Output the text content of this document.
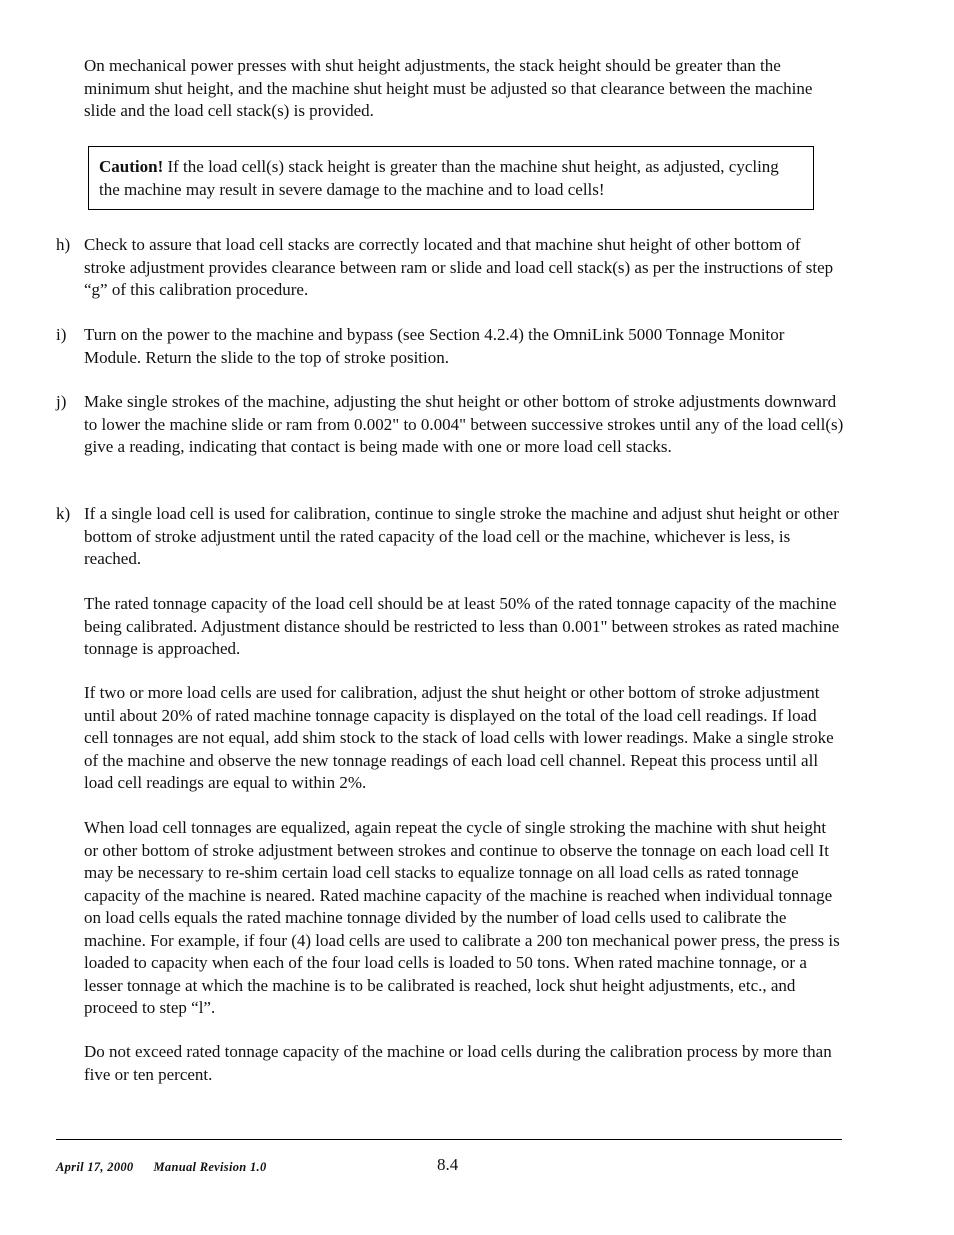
On mechanical power presses with shut height adjustments, the stack height should be greater than the minimum shut height, and the machine shut height must be adjusted so that clearance between the machine slide and the load cell stack(s) is provided.

Caution! If the load cell(s) stack height is greater than the machine shut height, as adjusted, cycling the machine may result in severe damage to the machine and to load cells!
h) Check to assure that load cell stacks are correctly located and that machine shut height of other bottom of stroke adjustment provides clearance between ram or slide and load cell stack(s) as per the instructions of step “g” of this calibration procedure.

i) Turn on the power to the machine and bypass (see Section 4.2.4) the OmniLink 5000 Tonnage Monitor Module. Return the slide to the top of stroke position.

j) Make single strokes of the machine, adjusting the shut height or other bottom of stroke adjustments downward to lower the machine slide or ram from 0.002" to 0.004" between successive strokes until any of the load cell(s) give a reading, indicating that contact is being made with one or more load cell stacks.

k) If a single load cell is used for calibration, continue to single stroke the machine and adjust shut height or other bottom of stroke adjustment until the rated capacity of the load cell or the machine, whichever is less, is reached.

The rated tonnage capacity of the load cell should be at least 50% of the rated tonnage capacity of the machine being calibrated. Adjustment distance should be restricted to less than 0.001" between strokes as rated machine tonnage is approached.

If two or more load cells are used for calibration, adjust the shut height or other bottom of stroke adjustment until about 20% of rated machine tonnage capacity is displayed on the total of the load cell readings. If load cell tonnages are not equal, add shim stock to the stack of load cells with lower readings. Make a single stroke of the machine and observe the new tonnage readings of each load cell channel. Repeat this process until all load cell readings are equal to within 2%.

When load cell tonnages are equalized, again repeat the cycle of single stroking the machine with shut height or other bottom of stroke adjustment between strokes and continue to observe the tonnage on each load cell It may be necessary to re-shim certain load cell stacks to equalize tonnage on all load cells as rated tonnage capacity of the machine is neared. Rated machine capacity of the machine is reached when individual tonnage on load cells equals the rated machine tonnage divided by the number of load cells used to calibrate the machine. For example, if four (4) load cells are used to calibrate a 200 ton mechanical power press, the press is loaded to capacity when each of the four load cells is loaded to 50 tons. When rated machine tonnage, or a lesser tonnage at which the machine is to be calibrated is reached, lock shut height adjustments, etc., and proceed to step “l”.

Do not exceed rated tonnage capacity of the machine or load cells during the calibration process by more than five or ten percent.

April 17, 2000 Manual Revision 1.0	8.4
